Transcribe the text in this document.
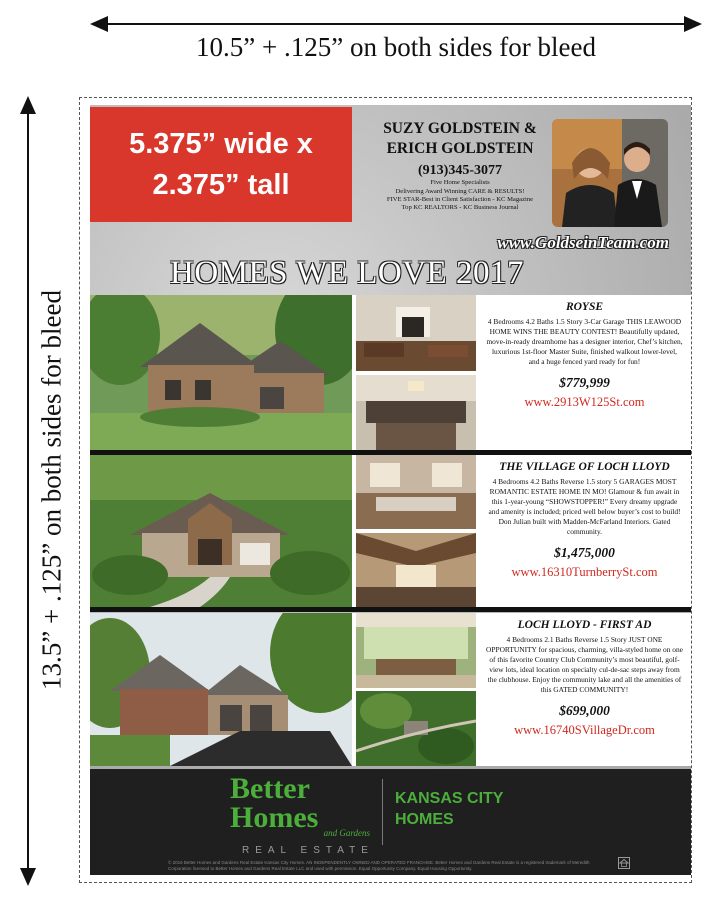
10.5” + .125” on both sides for bleed
13.5” + .125” on both sides for bleed
5.375” wide x
2.375” tall
SUZY GOLDSTEIN &
ERICH GOLDSTEIN
(913)345-3077
Five Home Specialists
Delivering Award Winning CARE & RESULTS!
FIVE STAR-Best in Client Satisfaction - KC Magazine
Top KC REALTORS - KC Business Journal
www.GoldseinTeam.com
HOMES WE LOVE 2017
ROYSE
4 Bedrooms 4.2 Baths 1.5 Story 3-Car Garage THIS LEAWOOD HOME WINS THE BEAUTY CONTEST! Beautifully updated, move-in-ready dreamhome has a designer interior, Chef’s kitchen, luxurious 1st-floor Master Suite, finished walkout lower-level, and a huge fenced yard ready for fun!
$779,999
www.2913W125St.com
THE VILLAGE OF LOCH LLOYD
4 Bedrooms 4.2 Baths Reverse 1.5 story 5 GARAGES MOST ROMANTIC ESTATE HOME IN MO! Glamour & fun await in this 1-year-young “SHOWSTOPPER!” Every dreamy upgrade and amenity is included; priced well below buyer’s cost to build! Don Julian built with Madden-McFarland Interiors. Gated community.
$1,475,000
www.16310TurnberrySt.com
LOCH LLOYD - FIRST AD
4 Bedrooms 2.1 Baths Reverse 1.5 Story JUST ONE OPPORTUNITY for spacious, charming, villa-styled home on one of this favorite Country Club Community’s most beautiful, golf-view lots, ideal location on specialty cul-de-sac steps away from the clubhouse. Enjoy the community lake and all the amenities of this GATED COMMUNITY!
$699,000
www.16740SVillageDr.com
Better
Homes and Gardens
REAL ESTATE
KANSAS CITY
HOMES
© 2016 Better Homes and Gardens Real Estate Kansas City Homes. AN INDEPENDENTLY OWNED AND OPERATED FRANCHISE. Better Homes and Gardens Real Estate is a registered trademark of Meredith Corporation licensed to Better Homes and Gardens Real Estate LLC and used with permission. Equal Opportunity Company. Equal Housing Opportunity.
